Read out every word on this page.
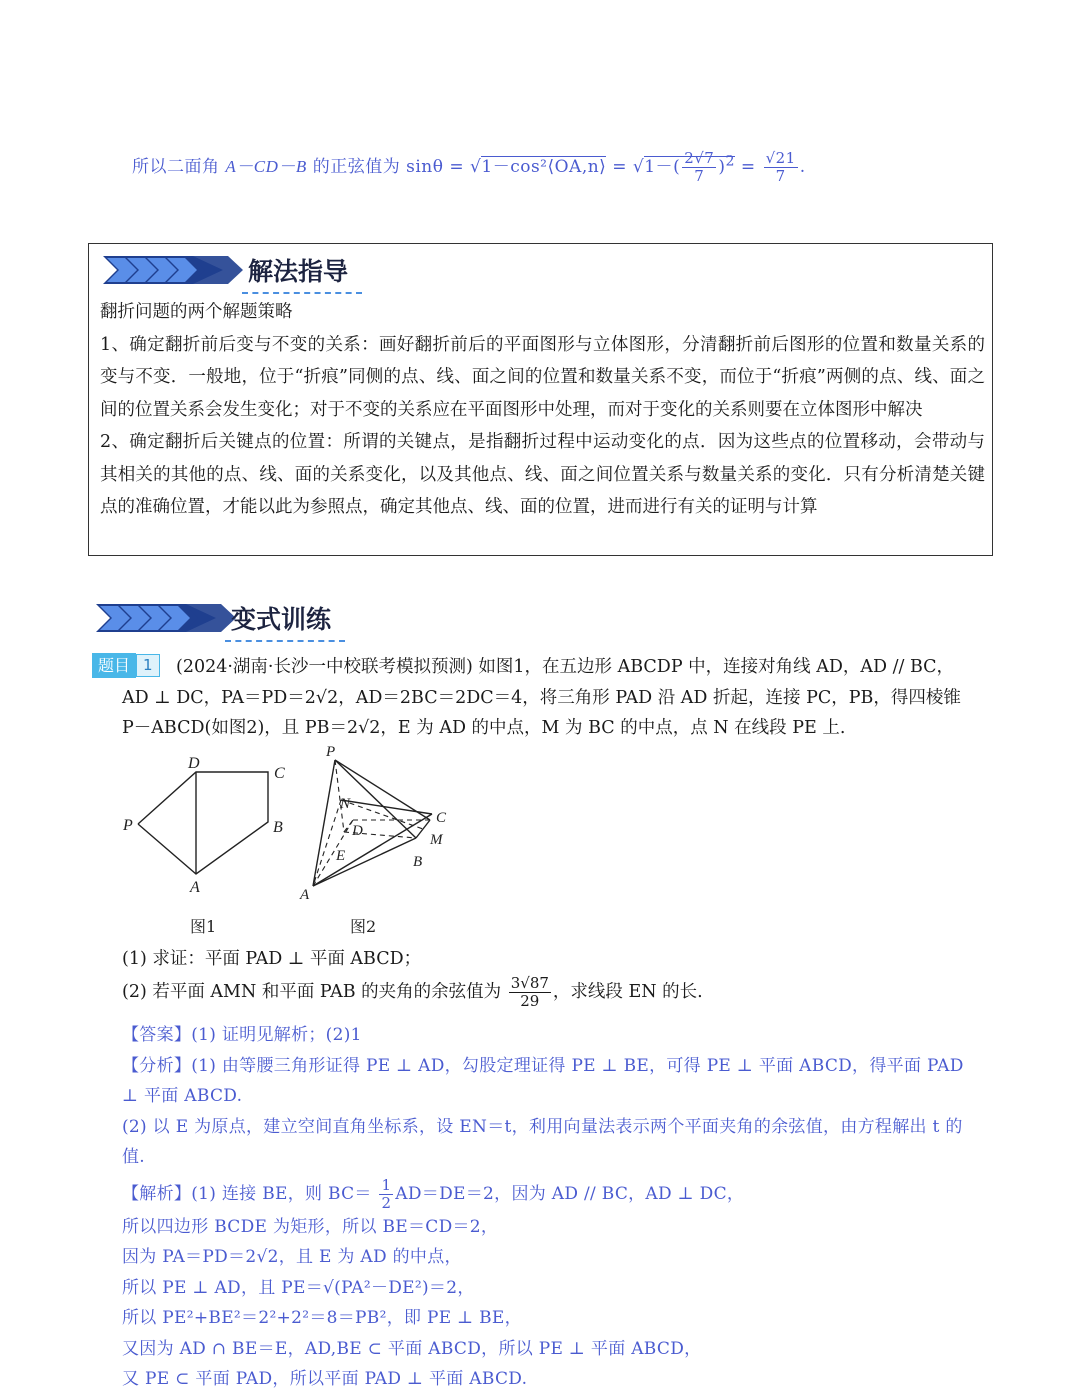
所以二面角 A－CD－B 的正弦值为 sinθ = √1－cos²⟨OA,n⟩ = $√1-( \frac{2√7}{7} )^2 = \frac{√21}{7}$ .
解法指导

翻折问题的两个解题策略

1、确定翻折前后变与不变的关系：画好翻折前后的平面图形与立体图形，分清翻折前后图形的位置和数量关系的变与不变．一般地，位于“折痕”同侧的点、线、面之间的位置和数量关系不变，而位于“折痕”两侧的点、线、面之间的位置关系会发生变化；对于不变的关系应在平面图形中处理，而对于变化的关系则要在立体图形中解决

2、确定翻折后关键点的位置：所谓的关键点，是指翻折过程中运动变化的点．因为这些点的位置移动，会带动与其相关的其他的点、线、面的关系变化，以及其他点、线、面之间位置关系与数量关系的变化．只有分析清楚关键点的准确位置，才能以此为参照点，确定其他点、线、面的位置，进而进行有关的证明与计算

变式训练
题目 1	(2024·湖南·长沙一中校联考模拟预测) 如图1，在五边形 ABCDP 中，连接对角线 AD，AD // BC，

AD ⊥ DC，PA＝PD＝2√2，AD＝2BC＝2DC＝4，将三角形 PAD 沿 AD 折起，连接 PC，PB，得四棱锥

P－ABCD(如图2)，且 PB＝2√2，E 为 AD 的中点，M 为 BC 的中点，点 N 在线段 PE 上.

D
C
P	B
A
P
N
D
C
M
E	B
A
图1	图2

(1) 求证：平面 PAD ⊥ 平面 ABCD；

(2) 若平面 AMN 和平面 PAB 的夹角的余弦值为 $\frac{3√87}{29}$ ，求线段 EN 的长.

【答案】(1) 证明见解析；(2)1

【分析】(1) 由等腰三角形证得 PE ⊥ AD，勾股定理证得 PE ⊥ BE，可得 PE ⊥ 平面 ABCD，得平面 PAD

⊥ 平面 ABCD.

(2) 以 E 为原点，建立空间直角坐标系，设 EN＝t，利用向量法表示两个平面夹角的余弦值，由方程解出 t 的

值.

【解析】(1) 连接 BE，则 $BC= \frac{1}{2} AD=DE=2$，因为 AD // BC，AD ⊥ DC，

所以四边形 BCDE 为矩形，所以 BE＝CD＝2，

因为 PA＝PD＝2√2，且 E 为 AD 的中点，

所以 PE ⊥ AD，且 PE＝√(PA²－DE²)＝2，

所以 PE²+BE²＝2²+2²＝8＝PB²，即 PE ⊥ BE，

又因为 AD ∩ BE＝E，AD,BE ⊂ 平面 ABCD，所以 PE ⊥ 平面 ABCD，

又 PE ⊂ 平面 PAD，所以平面 PAD ⊥ 平面 ABCD.
